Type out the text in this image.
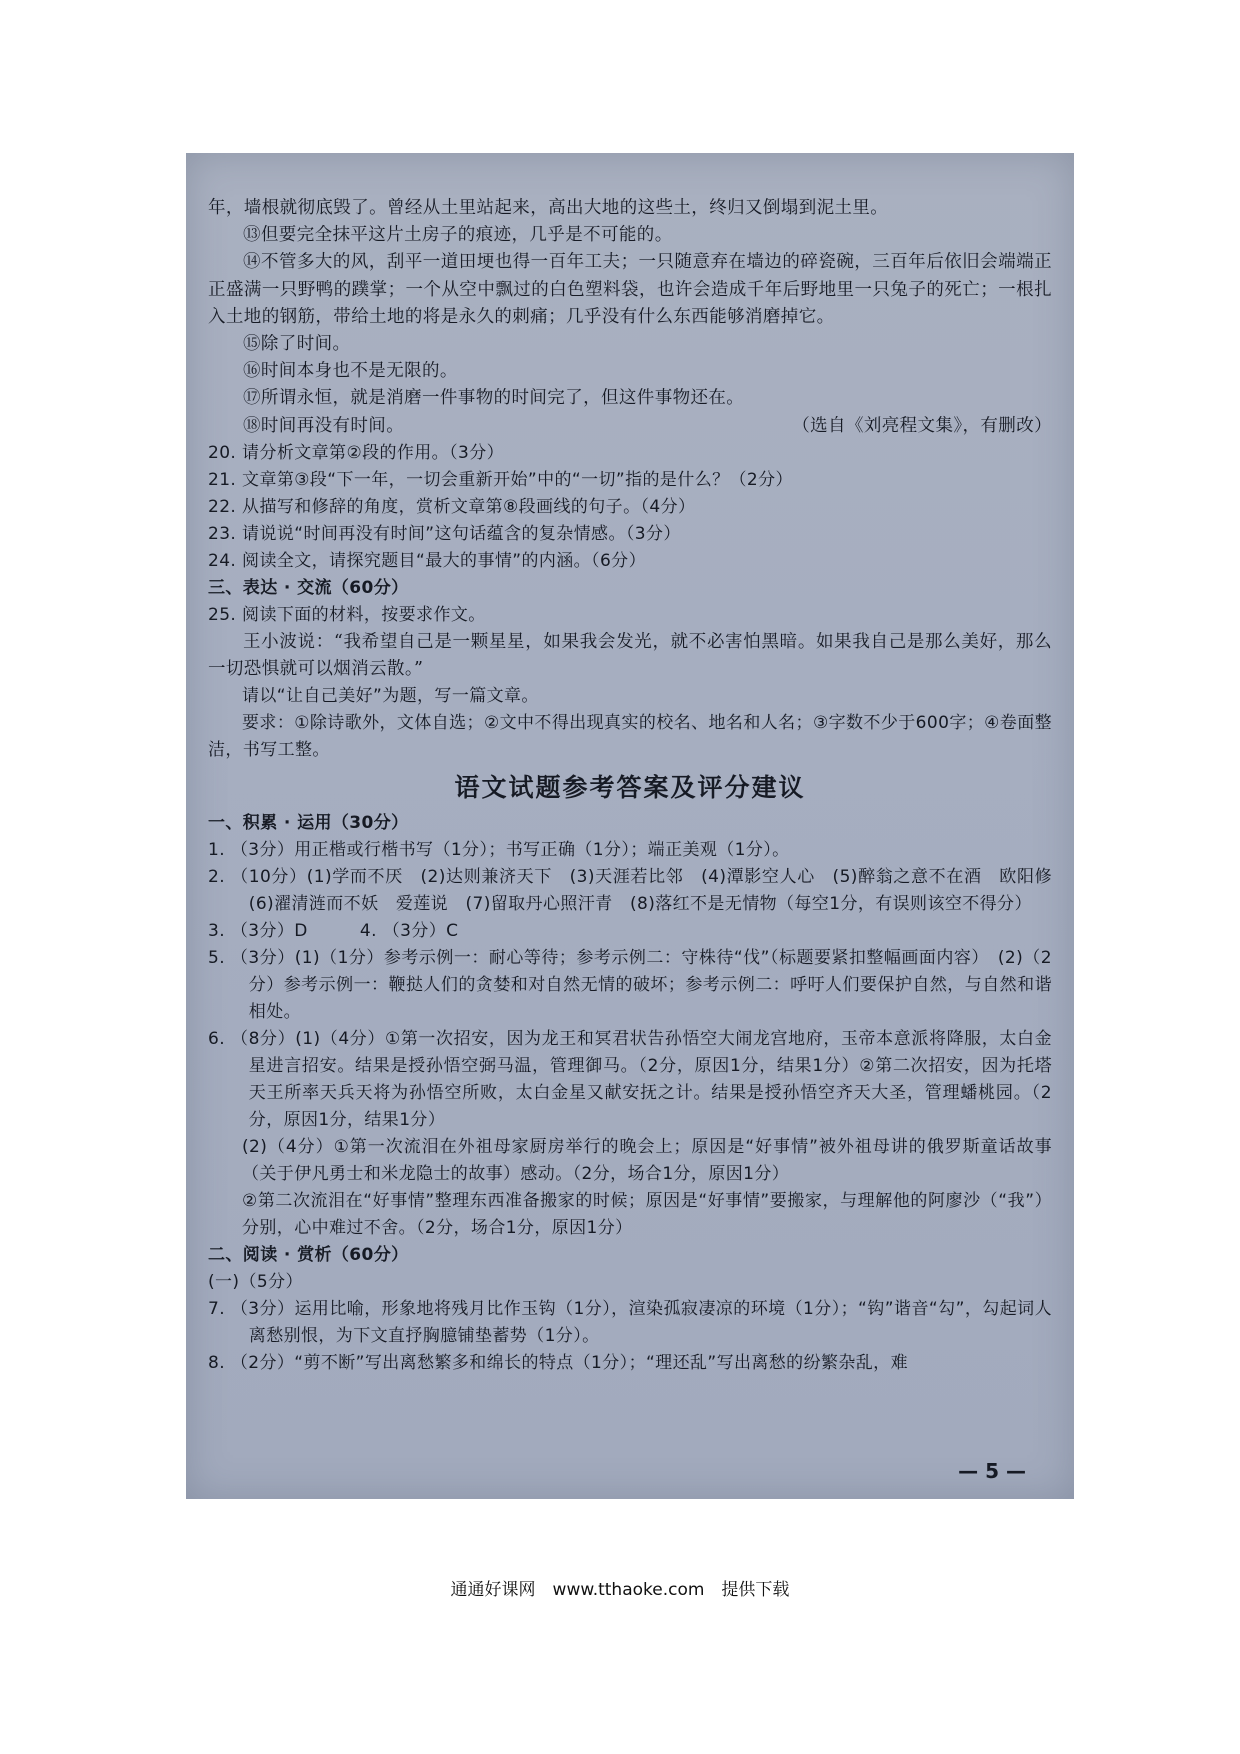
年，墙根就彻底毁了。曾经从土里站起来，高出大地的这些土，终归又倒塌到泥土里。

⑬但要完全抹平这片土房子的痕迹，几乎是不可能的。

⑭不管多大的风，刮平一道田埂也得一百年工夫；一只随意弃在墙边的碎瓷碗，三百年后依旧会端端正正盛满一只野鸭的蹼掌；一个从空中飘过的白色塑料袋，也许会造成千年后野地里一只兔子的死亡；一根扎入土地的钢筋，带给土地的将是永久的刺痛；几乎没有什么东西能够消磨掉它。

⑮除了时间。

⑯时间本身也不是无限的。

⑰所谓永恒，就是消磨一件事物的时间完了，但这件事物还在。

⑱时间再没有时间。	（选自《刘亮程文集》，有删改）

20. 请分析文章第②段的作用。（3分）

21. 文章第③段“下一年，一切会重新开始”中的“一切”指的是什么？（2分）

22. 从描写和修辞的角度，赏析文章第⑧段画线的句子。（4分）

23. 请说说“时间再没有时间”这句话蕴含的复杂情感。（3分）

24. 阅读全文，请探究题目“最大的事情”的内涵。（6分）

三、表达 · 交流（60分）

25. 阅读下面的材料，按要求作文。

王小波说：“我希望自己是一颗星星，如果我会发光，就不必害怕黑暗。如果我自己是那么美好，那么一切恐惧就可以烟消云散。”

请以“让自己美好”为题，写一篇文章。

要求：①除诗歌外，文体自选；②文中不得出现真实的校名、地名和人名；③字数不少于600字；④卷面整洁，书写工整。

语文试题参考答案及评分建议

一、积累 · 运用（30分）

1. （3分）用正楷或行楷书写（1分）；书写正确（1分）；端正美观（1分）。

2. （10分）(1)学而不厌　(2)达则兼济天下　(3)天涯若比邻　(4)潭影空人心　(5)醉翁之意不在酒　欧阳修　(6)濯清涟而不妖　爱莲说　(7)留取丹心照汗青　(8)落红不是无情物（每空1分，有误则该空不得分）

3. （3分）D　　　4. （3分）C

5. （3分）(1)（1分）参考示例一：耐心等待；参考示例二：守株待“伐”（标题要紧扣整幅画面内容）　(2)（2分）参考示例一：鞭挞人们的贪婪和对自然无情的破坏；参考示例二：呼吁人们要保护自然，与自然和谐相处。

6. （8分）(1)（4分）①第一次招安，因为龙王和冥君状告孙悟空大闹龙宫地府，玉帝本意派将降服，太白金星进言招安。结果是授孙悟空弼马温，管理御马。（2分，原因1分，结果1分）②第二次招安，因为托塔天王所率天兵天将为孙悟空所败，太白金星又献安抚之计。结果是授孙悟空齐天大圣，管理蟠桃园。（2分，原因1分，结果1分）

(2)（4分）①第一次流泪在外祖母家厨房举行的晚会上；原因是“好事情”被外祖母讲的俄罗斯童话故事（关于伊凡勇士和米龙隐士的故事）感动。（2分，场合1分，原因1分）

②第二次流泪在“好事情”整理东西准备搬家的时候；原因是“好事情”要搬家，与理解他的阿廖沙（“我”）分别，心中难过不舍。（2分，场合1分，原因1分）

二、阅读 · 赏析（60分）

(一)（5分）

7. （3分）运用比喻，形象地将残月比作玉钩（1分），渲染孤寂凄凉的环境（1分）；“钩”谐音“勾”，勾起词人离愁别恨，为下文直抒胸臆铺垫蓄势（1分）。

8. （2分）“剪不断”写出离愁繁多和绵长的特点（1分）；“理还乱”写出离愁的纷繁杂乱，难

— 5 —
通通好课网　www.tthaoke.com　提供下载
